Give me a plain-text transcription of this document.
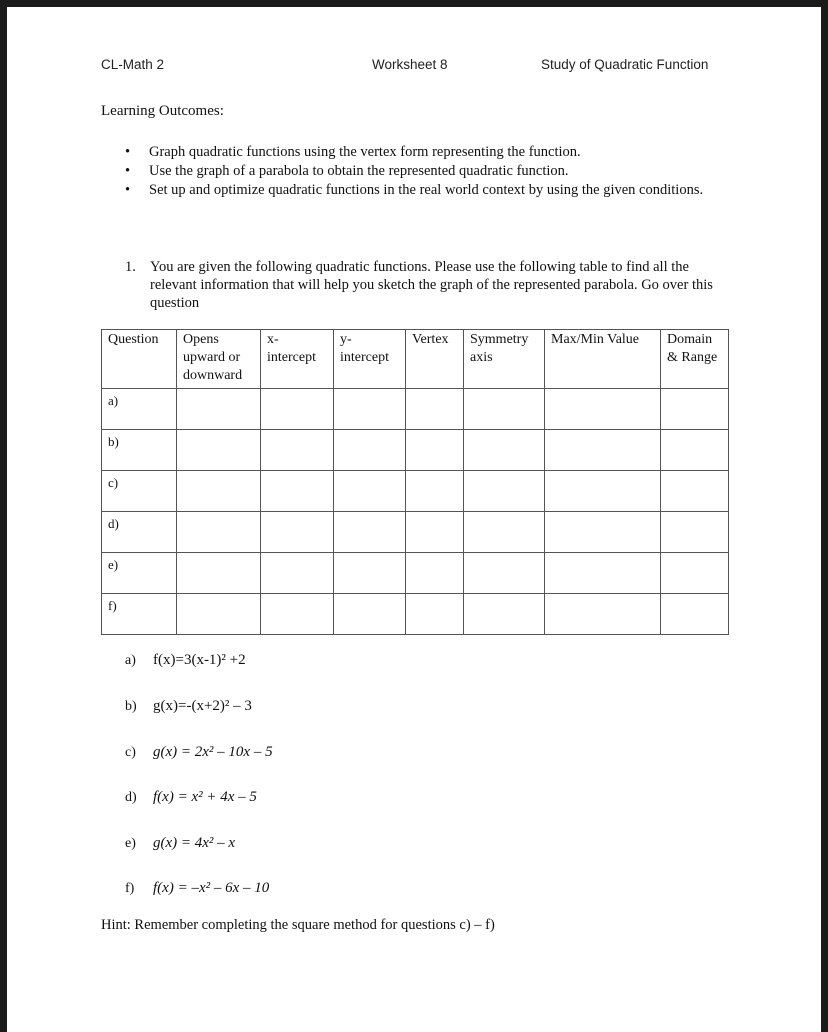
CL-Math 2	Worksheet 8	Study of Quadratic Function
Learning Outcomes:
• Graph quadratic functions using the vertex form representing the function.
• Use the graph of a parabola to obtain the represented quadratic function.
• Set up and optimize quadratic functions in the real world context by using the given conditions.
1. You are given the following quadratic functions. Please use the following table to find all the relevant information that will help you sketch the graph of the represented parabola. Go over this question
Question	Opens upward or downward	x-intercept	y-intercept	Vertex	Symmetry axis	Max/Min Value	Domain & Range
a)							
b)							
c)							
d)							
e)							
f)							
a) f(x)=3(x-1)² +2
b) g(x)=-(x+2)² – 3
c) g(x) = 2x² – 10x – 5
d) f(x) = x² + 4x – 5
e) g(x) = 4x² – x
f) f(x) = –x² – 6x – 10
Hint: Remember completing the square method for questions c) – f)
